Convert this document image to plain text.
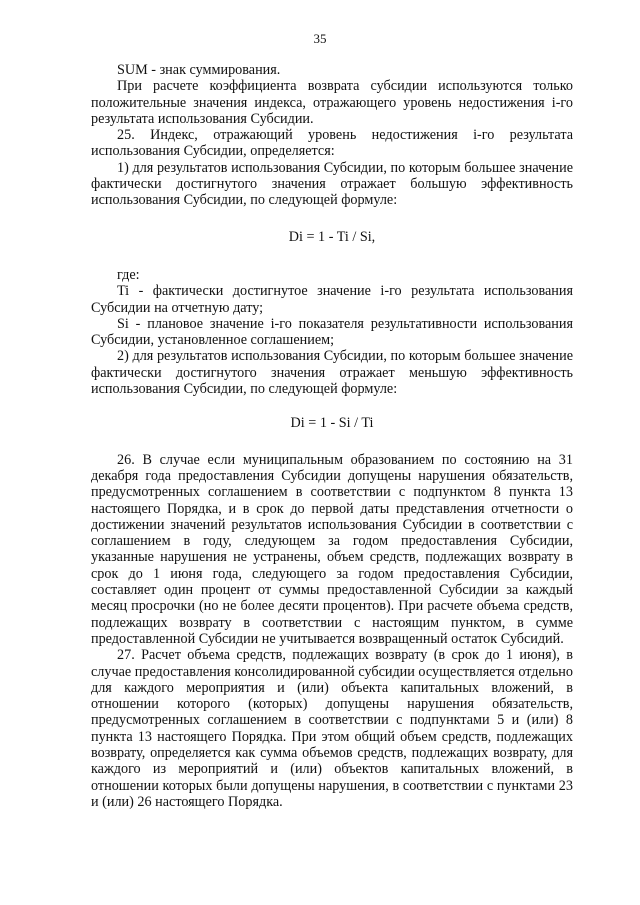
35

SUM - знак суммирования.

При расчете коэффициента возврата субсидии используются только положительные значения индекса, отражающего уровень недостижения i-го результата использования Субсидии.

25. Индекс, отражающий уровень недостижения i-го результата использования Субсидии, определяется:

1) для результатов использования Субсидии, по которым большее значение фактически достигнутого значения отражает большую эффективность использования Субсидии, по следующей формуле:

Di = 1 - Ti / Si,

где:

Ti - фактически достигнутое значение i-го результата использования Субсидии на отчетную дату;

Si - плановое значение i-го показателя результативности использования Субсидии, установленное соглашением;

2) для результатов использования Субсидии, по которым большее значение фактически достигнутого значения отражает меньшую эффективность использования Субсидии, по следующей формуле:

Di = 1 - Si / Ti

26. В случае если муниципальным образованием по состоянию на 31 декабря года предоставления Субсидии допущены нарушения обязательств, предусмотренных соглашением в соответствии с подпунктом 8 пункта 13 настоящего Порядка, и в срок до первой даты представления отчетности о достижении значений результатов использования Субсидии в соответствии с соглашением в году, следующем за годом предоставления Субсидии, указанные нарушения не устранены, объем средств, подлежащих возврату в срок до 1 июня года, следующего за годом предоставления Субсидии, составляет один процент от суммы предоставленной Субсидии за каждый месяц просрочки (но не более десяти процентов). При расчете объема средств, подлежащих возврату в соответствии с настоящим пунктом, в сумме предоставленной Субсидии не учитывается возвращенный остаток Субсидий.

27. Расчет объема средств, подлежащих возврату (в срок до 1 июня), в случае предоставления консолидированной субсидии осуществляется отдельно для каждого мероприятия и (или) объекта капитальных вложений, в отношении которого (которых) допущены нарушения обязательств, предусмотренных соглашением в соответствии с подпунктами 5 и (или) 8 пункта 13 настоящего Порядка. При этом общий объем средств, подлежащих возврату, определяется как сумма объемов средств, подлежащих возврату, для каждого из мероприятий и (или) объектов капитальных вложений, в отношении которых были допущены нарушения, в соответствии с пунктами 23 и (или) 26 настоящего Порядка.
